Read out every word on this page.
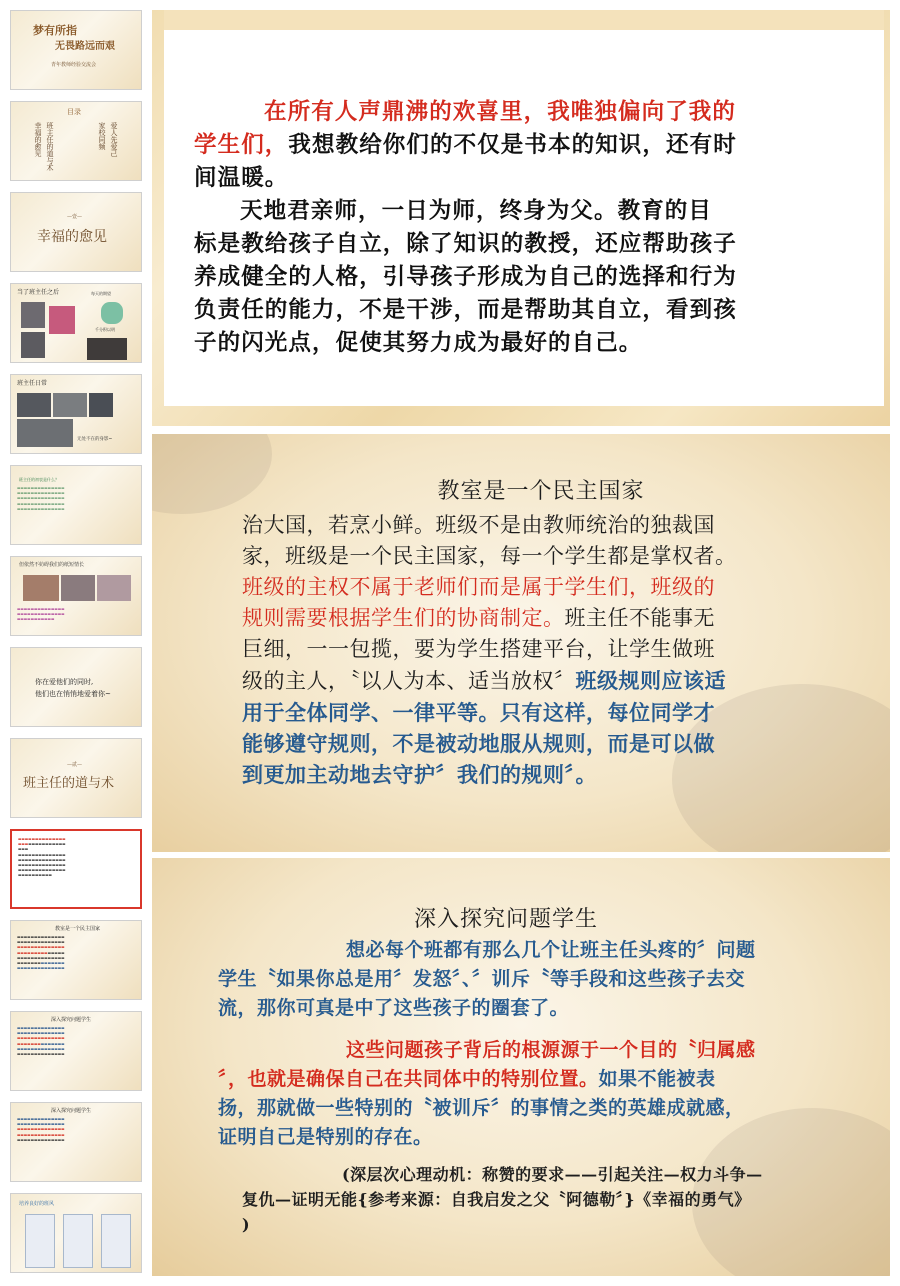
梦有所指
无畏路远而艰
青年教师经验交流会
目录
幸福的愈见 班主任的道与术	家校同频 爱人先爱己
—壹—
幸福的愈见
当了班主任之后	每天的期望
千分积以明
班主任日常
无处不在的身影~
班主任的初衷是什么？
▬▬▬▬▬▬▬▬▬▬▬▬▬▬
▬▬▬▬▬▬▬▬▬▬▬▬▬▬
▬▬▬▬▬▬▬▬▬▬▬▬▬▬
▬▬▬▬▬▬▬▬▬▬▬▬▬▬
▬▬▬▬▬▬▬▬▬▬▬▬▬▬
但依然不妨碍我们的纸短情长
▬▬▬▬▬▬▬▬▬▬▬▬▬▬
▬▬▬▬▬▬▬▬▬▬▬▬▬▬
▬▬▬▬▬▬▬▬▬▬▬
你在爱他们的同时,
他们也在悄悄地爱着你~
—贰—
班主任的道与术
▬▬▬▬▬▬▬▬▬▬▬▬▬▬
▬▬▬▬▬▬▬▬▬▬▬▬▬▬
▬▬▬
▬▬▬▬▬▬▬▬▬▬▬▬▬▬
▬▬▬▬▬▬▬▬▬▬▬▬▬▬
▬▬▬▬▬▬▬▬▬▬▬▬▬▬
▬▬▬▬▬▬▬▬▬▬▬▬▬▬
▬▬▬▬▬▬▬▬▬▬
教室是一个民主国家
▬▬▬▬▬▬▬▬▬▬▬▬▬▬
▬▬▬▬▬▬▬▬▬▬▬▬▬▬
▬▬▬▬▬▬▬▬▬▬▬▬▬▬
▬▬▬▬▬▬▬▬▬▬▬▬▬▬
▬▬▬▬▬▬▬▬▬▬▬▬▬▬
▬▬▬▬▬▬▬▬▬▬▬▬▬▬
▬▬▬▬▬▬▬▬▬▬▬▬▬▬
深入探究问题学生
▬▬▬▬▬▬▬▬▬▬▬▬▬▬
▬▬▬▬▬▬▬▬▬▬▬▬▬▬
▬▬▬▬▬▬▬▬▬▬▬▬▬▬
▬▬▬▬▬▬▬▬▬▬▬▬▬▬
▬▬▬▬▬▬▬▬▬▬▬▬▬▬
▬▬▬▬▬▬▬▬▬▬▬▬▬▬
深入探究问题学生
▬▬▬▬▬▬▬▬▬▬▬▬▬▬
▬▬▬▬▬▬▬▬▬▬▬▬▬▬
▬▬▬▬▬▬▬▬▬▬▬▬▬▬
▬▬▬▬▬▬▬▬▬▬▬▬▬▬
▬▬▬▬▬▬▬▬▬▬▬▬▬▬
培养良好的班风

在所有人声鼎沸的欢喜里，我唯独偏向了我的

学生们，我想教给你们的不仅是书本的知识，还有时

间温暖。

天地君亲师，一日为师，终身为父。教育的目

标是教给孩子自立，除了知识的教授，还应帮助孩子

养成健全的人格，引导孩子形成为自己的选择和行为

负责任的能力，不是干涉，而是帮助其自立，看到孩

子的闪光点，促使其努力成为最好的自己。

教室是一个民主国家
治大国，若烹小鲜。班级不是由教师统治的独裁国
家，班级是一个民主国家，每一个学生都是掌权者。
班级的主权不属于老师们而是属于学生们，班级的
规则需要根据学生们的协商制定。班主任不能事无
巨细，一一包揽，要为学生搭建平台，让学生做班
级的主人，〝以人为本、适当放权〞班级规则应该适
用于全体同学、一律平等。只有这样，每位同学才
能够遵守规则，不是被动地服从规则，而是可以做
到更加主动地去守护〞我们的规则〞。
深入探究问题学生
想必每个班都有那么几个让班主任头疼的〞问题
学生〝如果你总是用〞发怒〞、〞训斥〝等手段和这些孩子去交
流，那你可真是中了这些孩子的圈套了。
这些问题孩子背后的根源源于一个目的〝归属感
〞，也就是确保自己在共同体中的特别位置。如果不能被表
扬，那就做一些特别的〝被训斥〞的事情之类的英雄成就感，
证明自己是特别的存在。
(深层次心理动机：称赞的要求——引起关注—权力斗争—
复仇—证明无能{参考来源：自我启发之父〝阿德勒〞}《幸福的勇气》
)
